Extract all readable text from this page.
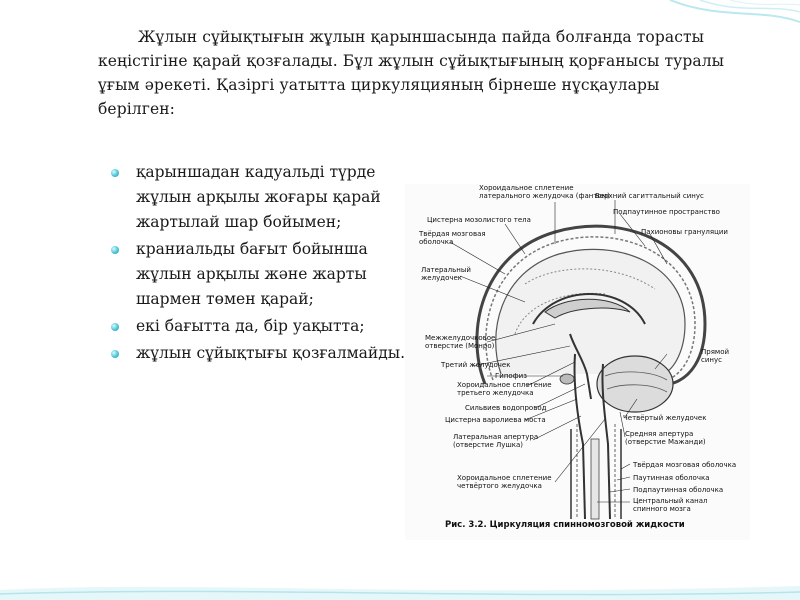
Жұлын сұйықтығын жұлын қарыншасында пайда болғанда торасты кеңістігіне қарай қозғалады. Бұл жұлын сұйықтығының қорғанысы туралы ұғым әрекеті. Қазіргі уатытта циркуляцияның бірнеше нұсқаулары берілген:
қарыншадан кадуальді түрде жұлын арқылы жоғары қарай жартылай шар бойымен;
краниальды бағыт бойынша жұлын арқылы және жарты шармен төмен қарай;
екі бағытта да, бір уақытта;
жұлын сұйықтығы қозғалмайды.
Хороидальное сплетение
латерального желудочка (фантом)
Цистерна мозолистого тела
Твёрдая мозговая
оболочка
Латеральный
желудочек
Межжелудочковое
отверстие (Монро)
Третий желудочек
Хороидальное сплетение
третьего желудочка
Гипофиз
Сильвиев водопровод
Цистерна варолиева моста
Латеральная апертура
(отверстие Лушка)
Хороидальное сплетение
четвёртого желудочка
Верхний сагиттальный синус
Подпаутинное пространство
Пахионовы грануляции
Прямой
синус
Четвёртый желудочек
Средняя апертура
(отверстие Мажанди)
Твёрдая мозговая оболочка
Паутинная оболочка
Подпаутинная оболочка
Центральный канал
спинного мозга
Рис. 3.2. Циркуляция спинномозговой жидкости
